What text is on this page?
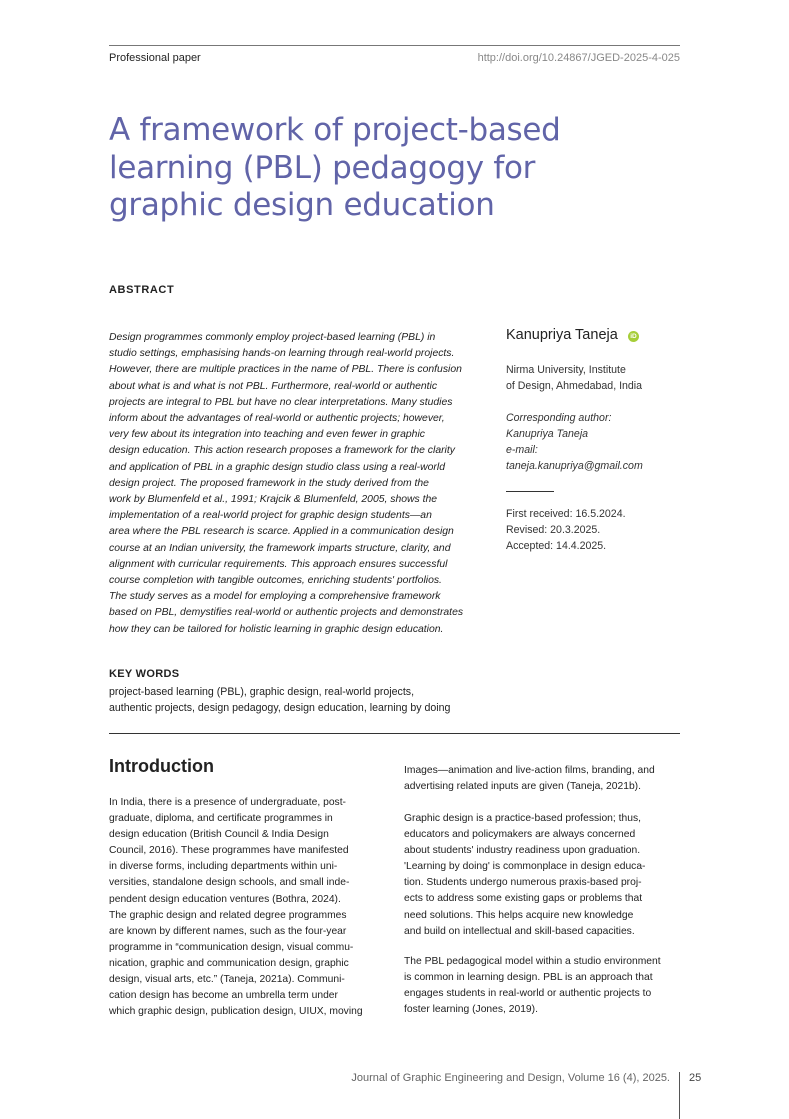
Professional paper	http://doi.org/10.24867/JGED-2025-4-025
A framework of project-based
learning (PBL) pedagogy for
graphic design education
ABSTRACT
Design programmes commonly employ project-based learning (PBL) in
studio settings, emphasising hands-on learning through real-world projects.
However, there are multiple practices in the name of PBL. There is confusion
about what is and what is not PBL. Furthermore, real-world or authentic
projects are integral to PBL but have no clear interpretations. Many studies
inform about the advantages of real-world or authentic projects; however,
very few about its integration into teaching and even fewer in graphic
design education. This action research proposes a framework for the clarity
and application of PBL in a graphic design studio class using a real-world
design project. The proposed framework in the study derived from the
work by Blumenfeld et al., 1991; Krajcik & Blumenfeld, 2005, shows the
implementation of a real-world project for graphic design students—an
area where the PBL research is scarce. Applied in a communication design
course at an Indian university, the framework imparts structure, clarity, and
alignment with curricular requirements. This approach ensures successful
course completion with tangible outcomes, enriching students' portfolios.
The study serves as a model for employing a comprehensive framework
based on PBL, demystifies real-world or authentic projects and demonstrates
how they can be tailored for holistic learning in graphic design education.
Kanupriya Taneja	iD
Nirma University, Institute
of Design, Ahmedabad, India
Corresponding author:
Kanupriya Taneja
e-mail:
taneja.kanupriya@gmail.com
First received: 16.5.2024.
Revised: 20.3.2025.
Accepted: 14.4.2025.
KEY WORDS
project-based learning (PBL), graphic design, real-world projects,
authentic projects, design pedagogy, design education, learning by doing
Introduction
In India, there is a presence of undergraduate, post-
graduate, diploma, and certificate programmes in
design education (British Council & India Design
Council, 2016). These programmes have manifested
in diverse forms, including departments within uni-
versities, standalone design schools, and small inde-
pendent design education ventures (Bothra, 2024).
The graphic design and related degree programmes
are known by different names, such as the four-year
programme in “communication design, visual commu-
nication, graphic and communication design, graphic
design, visual arts, etc.” (Taneja, 2021a). Communi-
cation design has become an umbrella term under
which graphic design, publication design, UIUX, moving
Images—animation and live-action films, branding, and
advertising related inputs are given (Taneja, 2021b).
Graphic design is a practice-based profession; thus,
educators and policymakers are always concerned
about students' industry readiness upon graduation.
'Learning by doing' is commonplace in design educa-
tion. Students undergo numerous praxis-based proj-
ects to address some existing gaps or problems that
need solutions. This helps acquire new knowledge
and build on intellectual and skill-based capacities.
The PBL pedagogical model within a studio environment
is common in learning design. PBL is an approach that
engages students in real-world or authentic projects to
foster learning (Jones, 2019).
Journal of Graphic Engineering and Design, Volume 16 (4), 2025. 25
